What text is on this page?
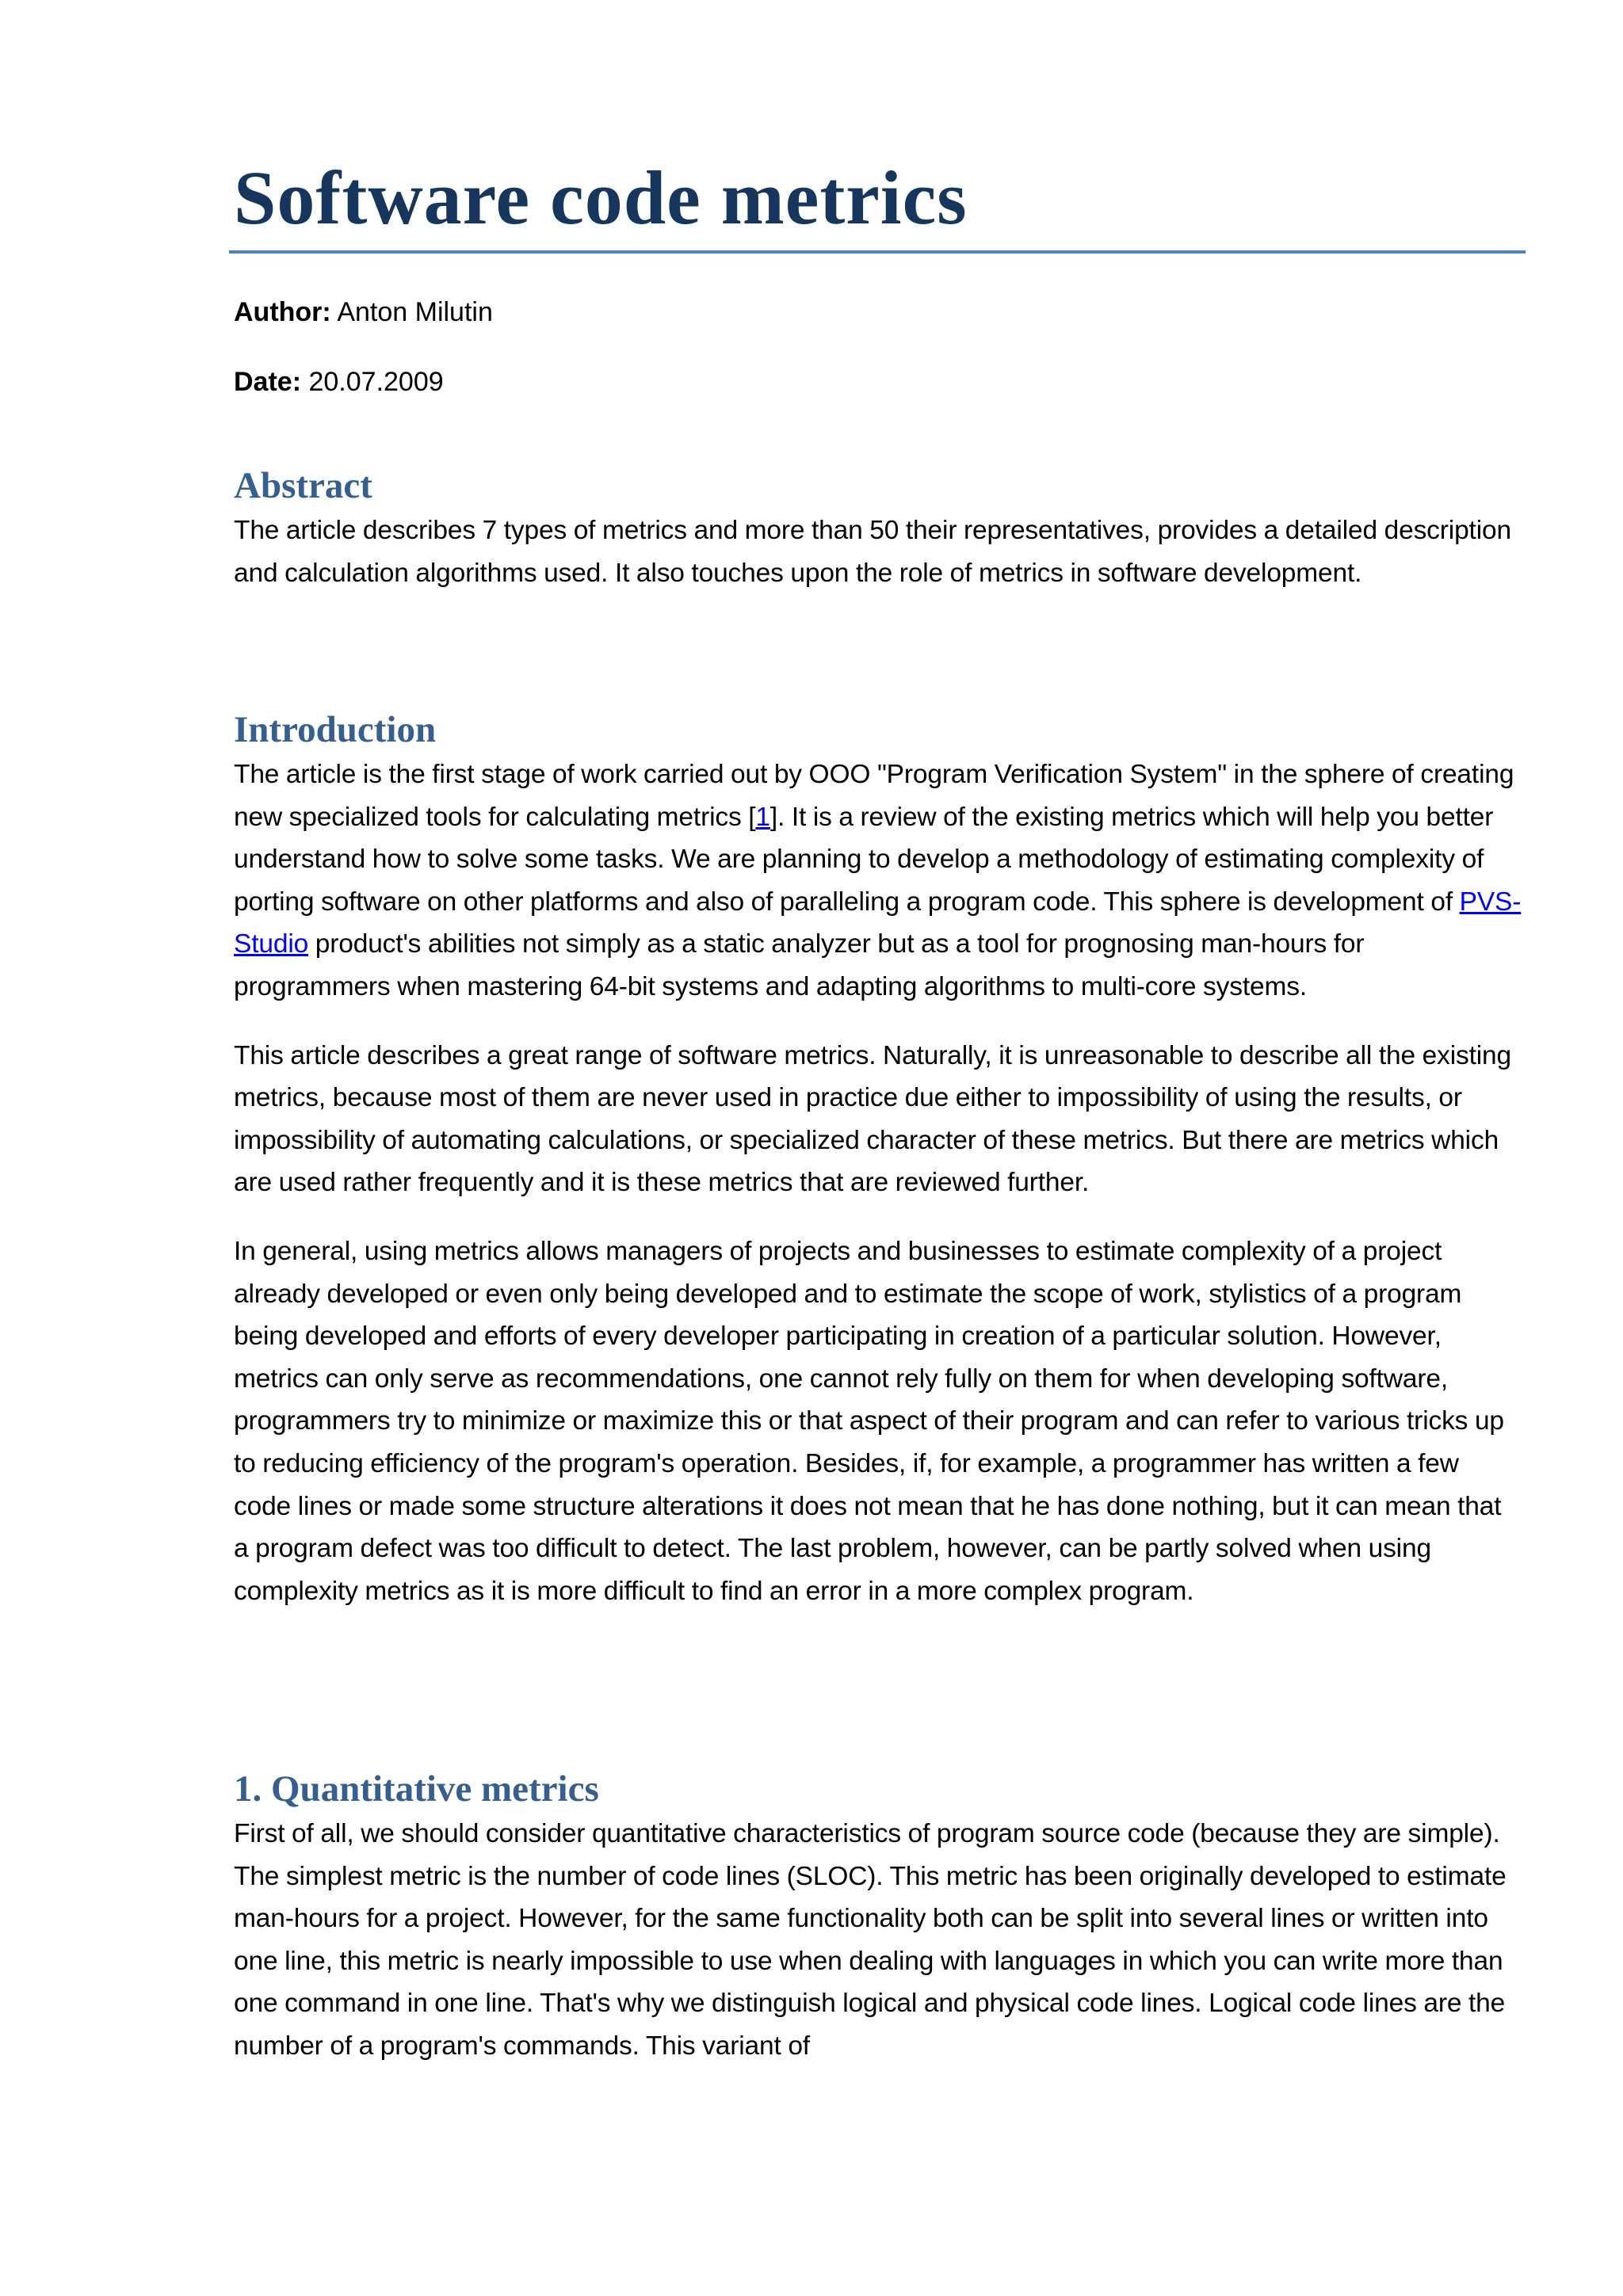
Software code metrics

Author: Anton Milutin

Date: 20.07.2009

Abstract

The article describes 7 types of metrics and more than 50 their representatives, provides a detailed description and calculation algorithms used. It also touches upon the role of metrics in software development.

Introduction

The article is the first stage of work carried out by OOO "Program Verification System" in the sphere of creating new specialized tools for calculating metrics [1]. It is a review of the existing metrics which will help you better understand how to solve some tasks. We are planning to develop a methodology of estimating complexity of porting software on other platforms and also of paralleling a program code. This sphere is development of PVS-Studio product's abilities not simply as a static analyzer but as a tool for prognosing man-hours for programmers when mastering 64-bit systems and adapting algorithms to multi-core systems.

This article describes a great range of software metrics. Naturally, it is unreasonable to describe all the existing metrics, because most of them are never used in practice due either to impossibility of using the results, or impossibility of automating calculations, or specialized character of these metrics. But there are metrics which are used rather frequently and it is these metrics that are reviewed further.

In general, using metrics allows managers of projects and businesses to estimate complexity of a project already developed or even only being developed and to estimate the scope of work, stylistics of a program being developed and efforts of every developer participating in creation of a particular solution. However, metrics can only serve as recommendations, one cannot rely fully on them for when developing software, programmers try to minimize or maximize this or that aspect of their program and can refer to various tricks up to reducing efficiency of the program's operation. Besides, if, for example, a programmer has written a few code lines or made some structure alterations it does not mean that he has done nothing, but it can mean that a program defect was too difficult to detect. The last problem, however, can be partly solved when using complexity metrics as it is more difficult to find an error in a more complex program.

1. Quantitative metrics

First of all, we should consider quantitative characteristics of program source code (because they are simple). The simplest metric is the number of code lines (SLOC). This metric has been originally developed to estimate man-hours for a project. However, for the same functionality both can be split into several lines or written into one line, this metric is nearly impossible to use when dealing with languages in which you can write more than one command in one line. That's why we distinguish logical and physical code lines. Logical code lines are the number of a program's commands. This variant of
